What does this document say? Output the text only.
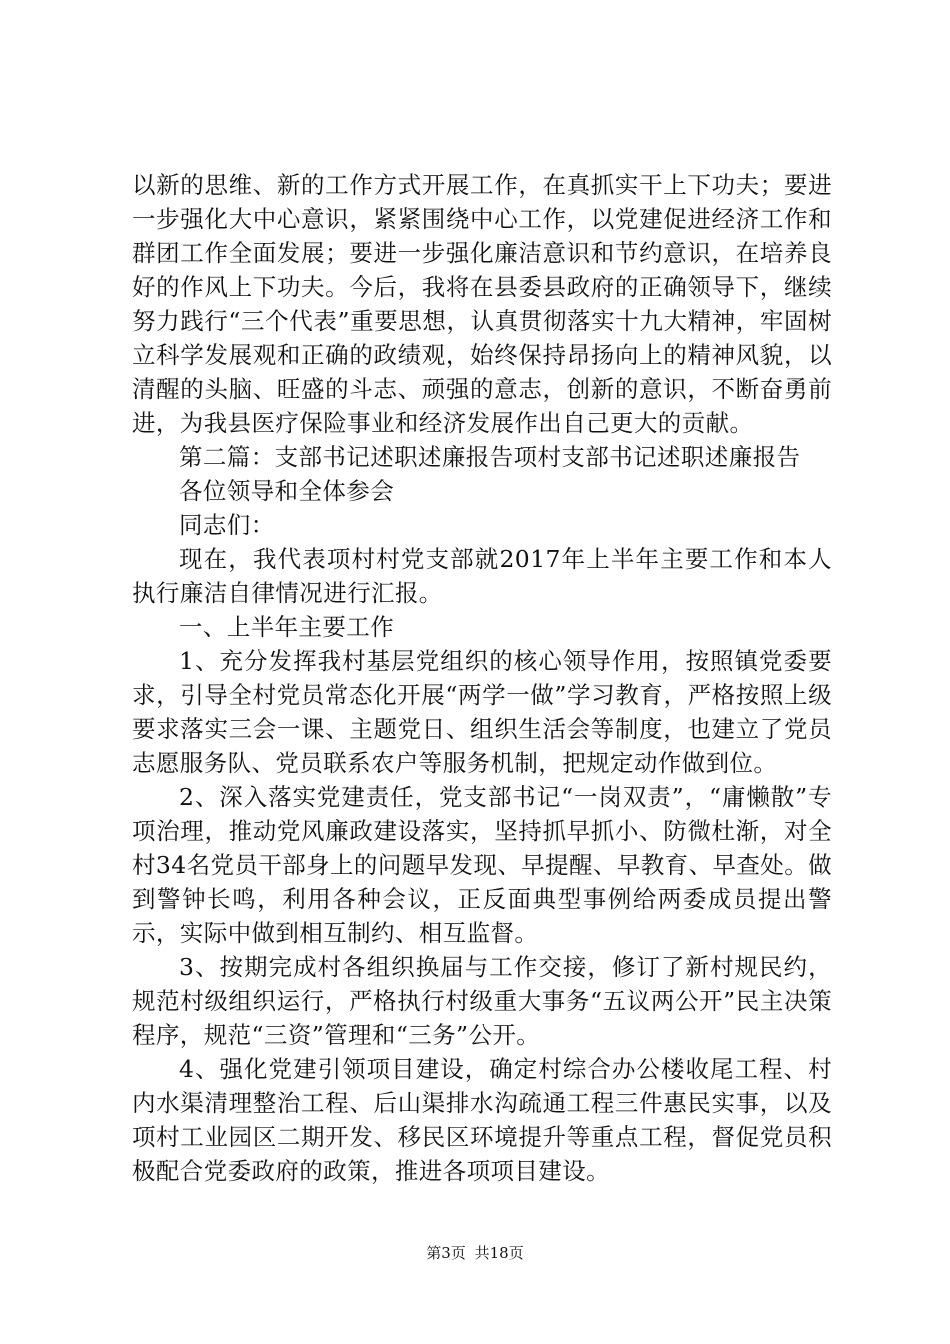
以新的思维、新的工作方式开展工作，在真抓实干上下功夫；要进一步强化大中心意识，紧紧围绕中心工作，以党建促进经济工作和群团工作全面发展；要进一步强化廉洁意识和节约意识，在培养良好的作风上下功夫。今后，我将在县委县政府的正确领导下，继续努力践行“三个代表”重要思想，认真贯彻落实十九大精神，牢固树立科学发展观和正确的政绩观，始终保持昂扬向上的精神风貌，以清醒的头脑、旺盛的斗志、顽强的意志，创新的意识，不断奋勇前进，为我县医疗保险事业和经济发展作出自己更大的贡献。

第二篇：支部书记述职述廉报告项村支部书记述职述廉报告

各位领导和全体参会

同志们：

现在，我代表项村村党支部就2017年上半年主要工作和本人执行廉洁自律情况进行汇报。

一、上半年主要工作

1、充分发挥我村基层党组织的核心领导作用，按照镇党委要求，引导全村党员常态化开展“两学一做”学习教育，严格按照上级要求落实三会一课、主题党日、组织生活会等制度，也建立了党员志愿服务队、党员联系农户等服务机制，把规定动作做到位。

2、深入落实党建责任，党支部书记“一岗双责”，“庸懒散”专项治理，推动党风廉政建设落实，坚持抓早抓小、防微杜渐，对全村34名党员干部身上的问题早发现、早提醒、早教育、早查处。做到警钟长鸣，利用各种会议，正反面典型事例给两委成员提出警示，实际中做到相互制约、相互监督。

3、按期完成村各组织换届与工作交接，修订了新村规民约，规范村级组织运行，严格执行村级重大事务“五议两公开”民主决策程序，规范“三资”管理和“三务”公开。

4、强化党建引领项目建设，确定村综合办公楼收尾工程、村内水渠清理整治工程、后山渠排水沟疏通工程三件惠民实事，以及项村工业园区二期开发、移民区环境提升等重点工程，督促党员积极配合党委政府的政策，推进各项项目建设。

第3页 共18页
